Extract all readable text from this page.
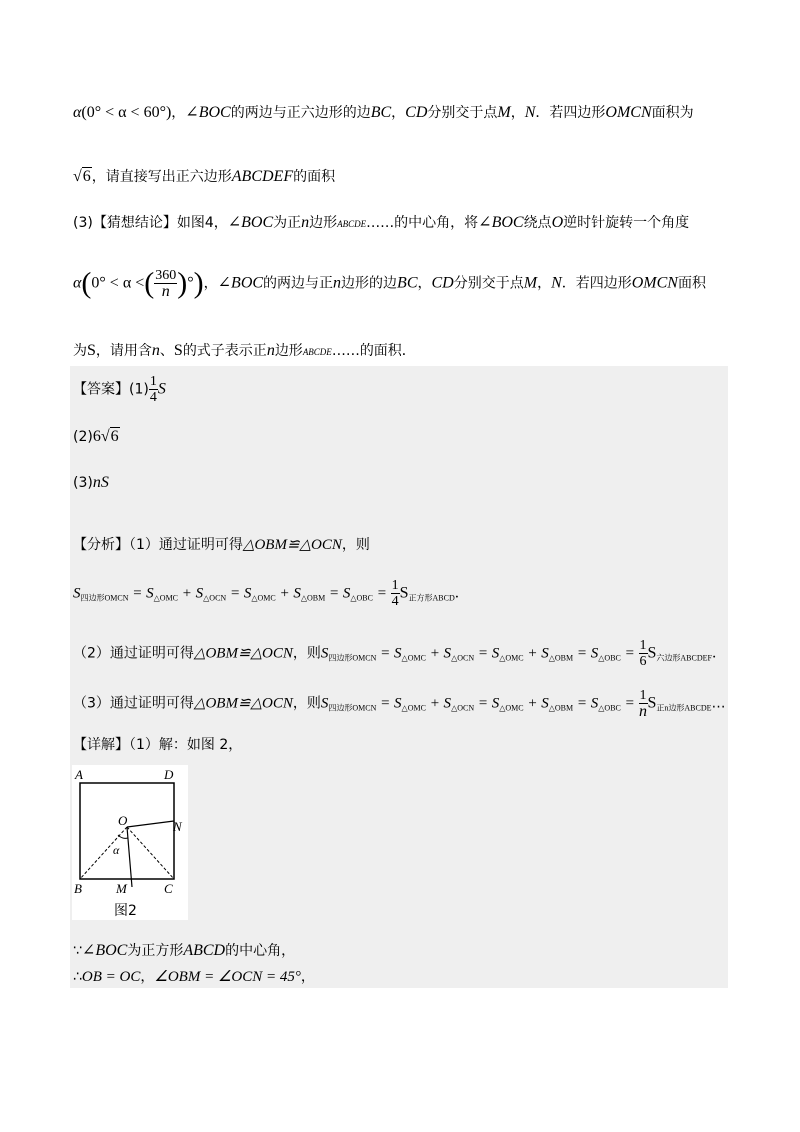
α(0° < α < 60°)，∠BOC的两边与正六边形的边BC，CD分别交于点M，N．若四边形OMCN面积为
√6，请直接写出正六边形ABCDEF的面积
(3)【猜想结论】如图4，∠BOC为正n边形ABCDE……的中心角，将∠BOC绕点O逆时针旋转一个角度
α(0° < α <( $\frac{360}{n}$ )°)，∠BOC的两边与正n边形的边BC，CD分别交于点M，N．若四边形OMCN面积
为S，请用含n、S的式子表示正n边形ABCDE……的面积．
【答案】$(1) \frac{1}{4}$ S
(2)6√6
(3)nS
【分析】（1）通过证明可得△OBM≌△OCN，则
$S_{四边形OMCN} = S_{\triangle OMC} + S_{\triangle OCN} = S_{\triangle OMC} + S_{\triangle OBM} = S_{\triangle OBC} = \frac{1}{4} S_{正方形ABCD}$．
（2）通过证明可得△OBM≌△OCN，则$S_{四边形OMCN} = S_{\triangle OMC} + S_{\triangle OCN} = S_{\triangle OMC} + S_{\triangle OBM} = S_{\triangle OBC} = \frac{1}{6} S_{六边形ABCDEF}$．
（3）通过证明可得△OBM≌△OCN，则$S_{四边形OMCN} = S_{\triangle OMC} + S_{\triangle OCN} = S_{\triangle OMC} + S_{\triangle OBM} = S_{\triangle OBC} = \frac{1}{n}$ $S_{正n边形ABCDE}\dots$
【详解】（1）解：如图 2，
A	D
O	N
α
B	M	C
图2
∵∠BOC为正方形ABCD的中心角，
∴OB = OC，∠OBM = ∠OCN = 45°，
